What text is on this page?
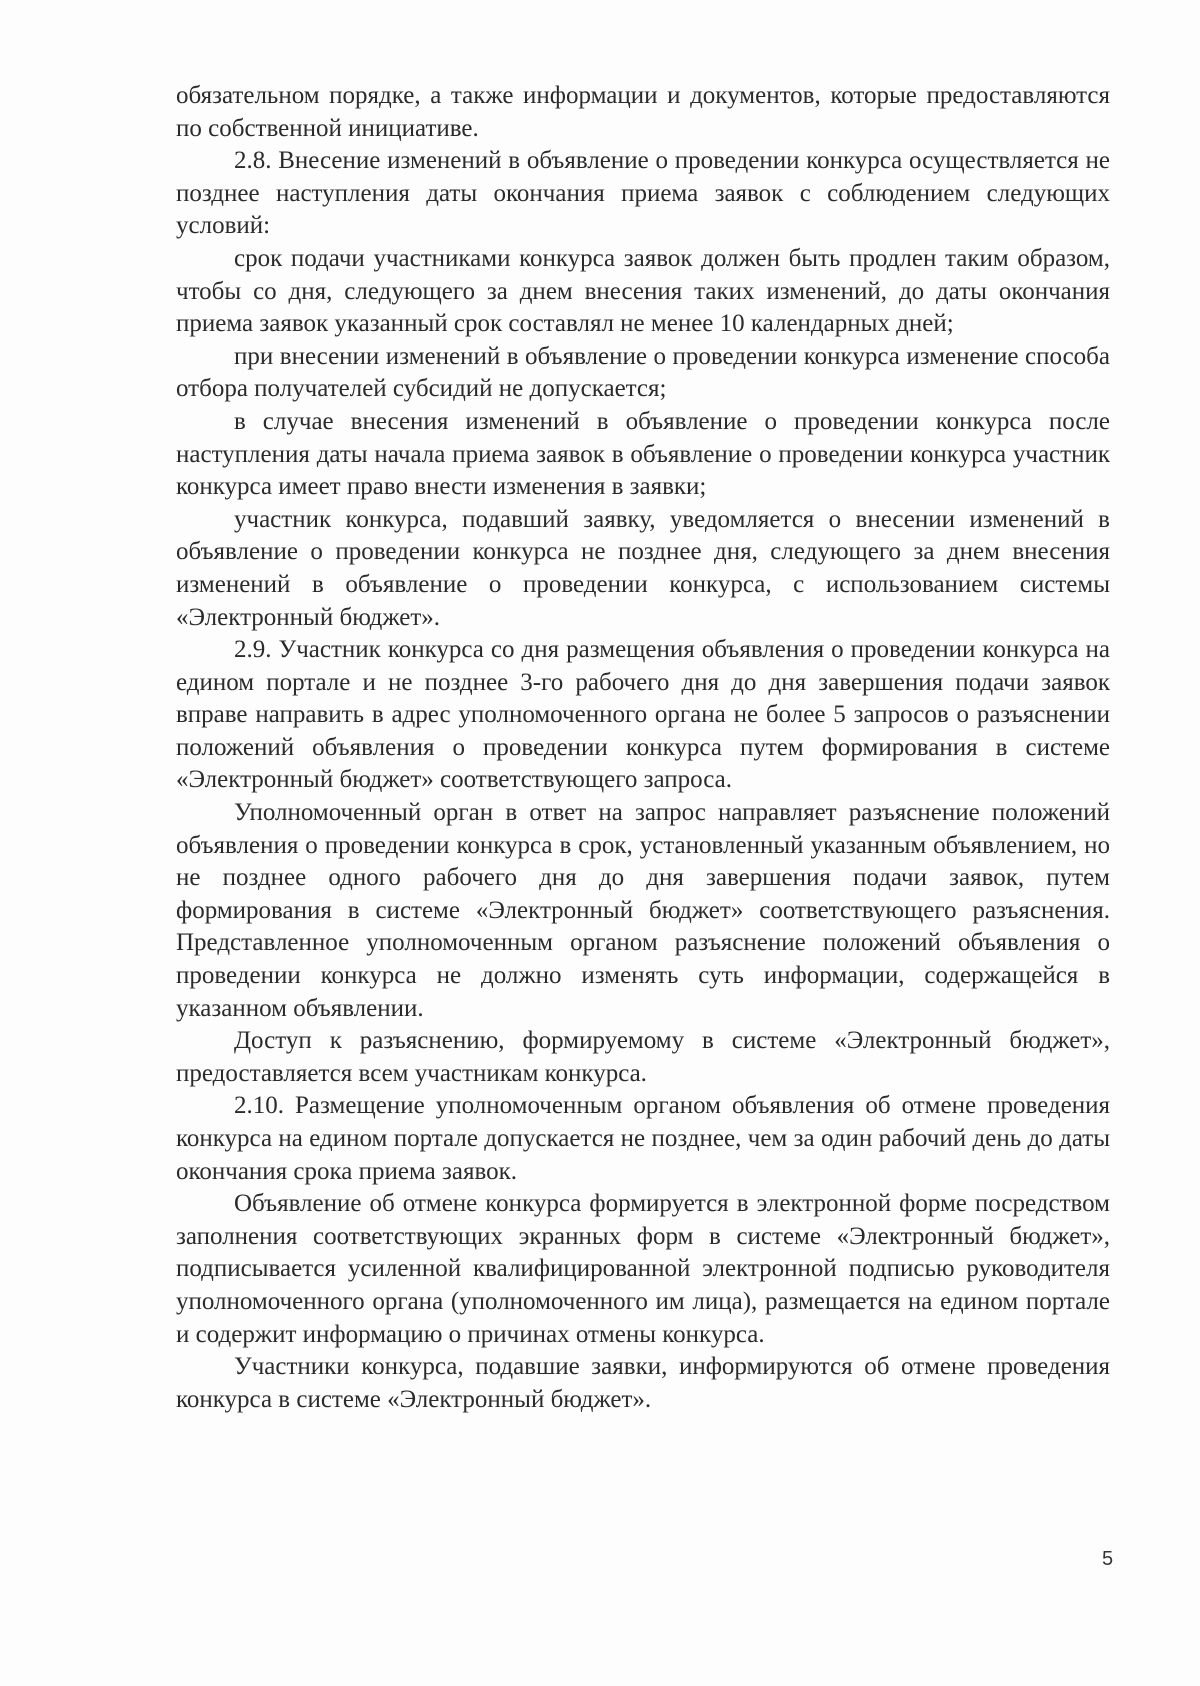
обязательном порядке, а также информации и документов, которые предоставляются по собственной инициативе.

2.8. Внесение изменений в объявление о проведении конкурса осуществляется не позднее наступления даты окончания приема заявок с соблюдением следующих условий:

срок подачи участниками конкурса заявок должен быть продлен таким образом, чтобы со дня, следующего за днем внесения таких изменений, до даты окончания приема заявок указанный срок составлял не менее 10 календарных дней;

при внесении изменений в объявление о проведении конкурса изменение способа отбора получателей субсидий не допускается;

в случае внесения изменений в объявление о проведении конкурса после наступления даты начала приема заявок в объявление о проведении конкурса участник конкурса имеет право внести изменения в заявки;

участник конкурса, подавший заявку, уведомляется о внесении изменений в объявление о проведении конкурса не позднее дня, следующего за днем внесения изменений в объявление о проведении конкурса, с использованием системы «Электронный бюджет».

2.9. Участник конкурса со дня размещения объявления о проведении конкурса на едином портале и не позднее 3-го рабочего дня до дня завершения подачи заявок вправе направить в адрес уполномоченного органа не более 5 запросов о разъяснении положений объявления о проведении конкурса путем формирования в системе «Электронный бюджет» соответствующего запроса.

Уполномоченный орган в ответ на запрос направляет разъяснение положений объявления о проведении конкурса в срок, установленный указанным объявлением, но не позднее одного рабочего дня до дня завершения подачи заявок, путем формирования в системе «Электронный бюджет» соответствующего разъяснения. Представленное уполномоченным органом разъяснение положений объявления о проведении конкурса не должно изменять суть информации, содержащейся в указанном объявлении.

Доступ к разъяснению, формируемому в системе «Электронный бюджет», предоставляется всем участникам конкурса.

2.10. Размещение уполномоченным органом объявления об отмене проведения конкурса на едином портале допускается не позднее, чем за один рабочий день до даты окончания срока приема заявок.

Объявление об отмене конкурса формируется в электронной форме посредством заполнения соответствующих экранных форм в системе «Электронный бюджет», подписывается усиленной квалифицированной электронной подписью руководителя уполномоченного органа (уполномоченного им лица), размещается на едином портале и содержит информацию о причинах отмены конкурса.

Участники конкурса, подавшие заявки, информируются об отмене проведения конкурса в системе «Электронный бюджет».

5
